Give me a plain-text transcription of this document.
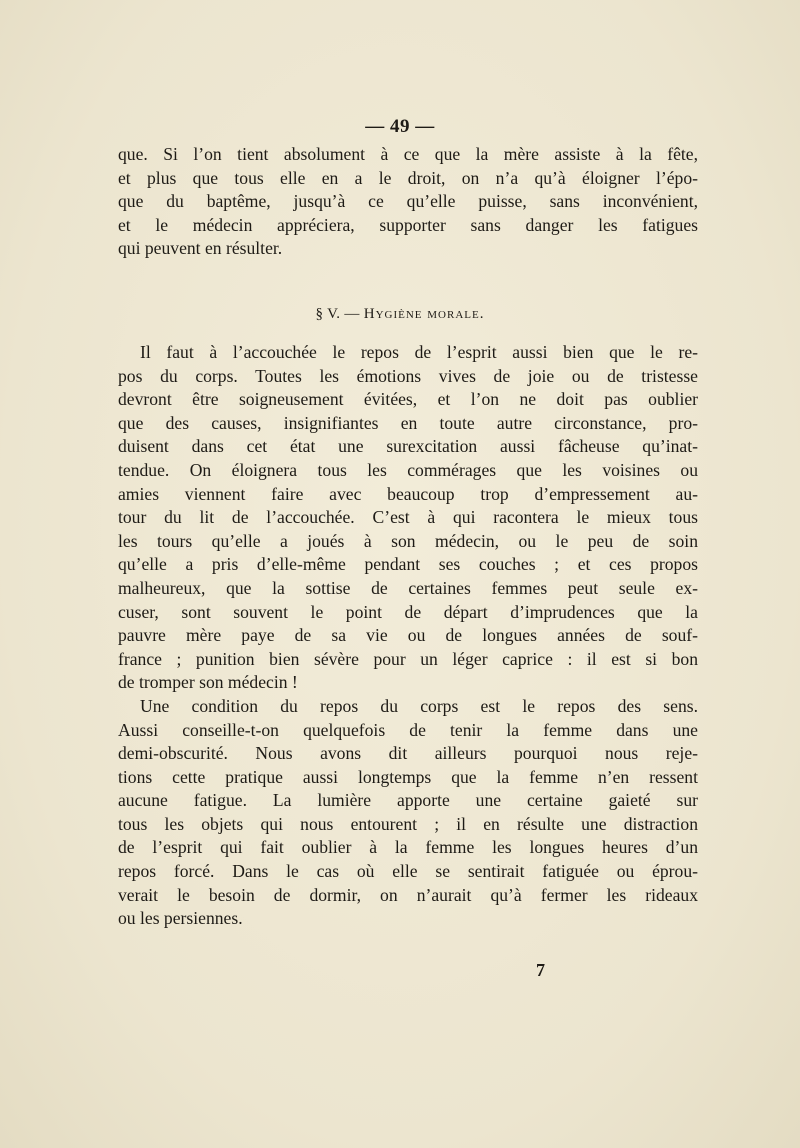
— 49 —
que. Si l’on tient absolument à ce que la mère assiste à la fête,
et plus que tous elle en a le droit, on n’a qu’à éloigner l’épo-
que du baptême, jusqu’à ce qu’elle puisse, sans inconvénient,
et le médecin appréciera, supporter sans danger les fatigues
qui peuvent en résulter.
§ V. — Hygiène morale.
Il faut à l’accouchée le repos de l’esprit aussi bien que le re-
pos du corps. Toutes les émotions vives de joie ou de tristesse
devront être soigneusement évitées, et l’on ne doit pas oublier
que des causes, insignifiantes en toute autre circonstance, pro-
duisent dans cet état une surexcitation aussi fâcheuse qu’inat-
tendue. On éloignera tous les commérages que les voisines ou
amies viennent faire avec beaucoup trop d’empressement au-
tour du lit de l’accouchée. C’est à qui racontera le mieux tous
les tours qu’elle a joués à son médecin, ou le peu de soin
qu’elle a pris d’elle-même pendant ses couches ; et ces propos
malheureux, que la sottise de certaines femmes peut seule ex-
cuser, sont souvent le point de départ d’imprudences que la
pauvre mère paye de sa vie ou de longues années de souf-
france ; punition bien sévère pour un léger caprice : il est si bon
de tromper son médecin !
Une condition du repos du corps est le repos des sens.
Aussi conseille-t-on quelquefois de tenir la femme dans une
demi-obscurité. Nous avons dit ailleurs pourquoi nous reje-
tions cette pratique aussi longtemps que la femme n’en ressent
aucune fatigue. La lumière apporte une certaine gaieté sur
tous les objets qui nous entourent ; il en résulte une distraction
de l’esprit qui fait oublier à la femme les longues heures d’un
repos forcé. Dans le cas où elle se sentirait fatiguée ou éprou-
verait le besoin de dormir, on n’aurait qu’à fermer les rideaux
ou les persiennes.
7
